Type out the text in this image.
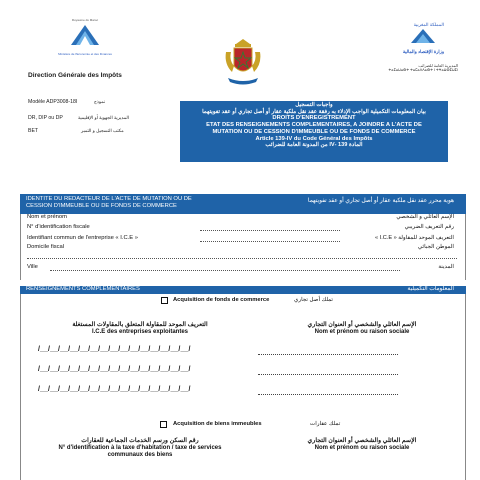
Royaume du Maroc
Ministère de l'Economie et des Finances
Direction Générale des Impôts
المملكة المغربية
وزارة الإقتصاد والمالية
المديرية العامة للضرائب
ⵜⴰⵎⴰⵡⴰⵙⵜ ⵜⴰⵎⴰⴷⴷⴰⵙⵜ ⵏ ⵜⵖⴰⵡⵙⵉⵡⵉⵏ
Modèle ADP3008-18I	نموذج
DR, DIP ou DP	المديرية الجهوية أو الإقليمية
BET	مكتب التسجيل و التمبر
واجبات التسجيل
بيان المعلومات التكميلية الواجب الإدلاء به رفقة عقد نقل ملكية عقار أو أصل تجاري أو عقد تفويتهما
DROITS D'ENREGISTREMENT
ETAT DES RENSEIGNEMENTS COMPLEMENTAIRES, A JOINDRE A L'ACTE DE
MUTATION OU DE CESSION D'IMMEUBLE OU DE FONDS DE COMMERCE
Article 139-IV du Code Général des Impôts
المادة 139 -IV من المدونة العامة للضرائب
IDENTITE DU REDACTEUR DE L'ACTE DE MUTATION OU DE
CESSION D'IMMEUBLE OU DE FONDS DE COMMERCE
هوية محرر عقد نقل ملكية عقار أو أصل تجاري أو عقد تفويتهما
Nom et prénom	الإسم العائلي و الشخصي
N° d'identification fiscale	رقم التعريف الضريبي
Identifiant commun de l'entreprise « I.C.E »	التعريف الموحد للمقاولة « I.C.E »
Domicile fiscal	الموطن الجبائي
Ville	المدينة
RENSEIGNEMENTS COMPLEMENTAIRES	المعلومات التكميلية
Acquisition de fonds de commerce	تملك أصل تجاري
التعريف الموحد للمقاولة المتعلق بالمقاولات المستغلة
I.C.E des entreprises exploitantes
الإسم العائلي والشخصي أو العنوان التجاري
Nom et prénom ou raison sociale
/__/__/__/__/__/__/__/__/__/__/__/__/__/__/__/
/__/__/__/__/__/__/__/__/__/__/__/__/__/__/__/
/__/__/__/__/__/__/__/__/__/__/__/__/__/__/__/
Acquisition de biens immeubles	تملك عقارات
رقم السكن ورسم الخدمات الجماعية للعقارات
N° d'identification à la taxe d'habitation / taxe de services
communaux des biens
الإسم العائلي والشخصي أو العنوان التجاري
Nom et prénom ou raison sociale
